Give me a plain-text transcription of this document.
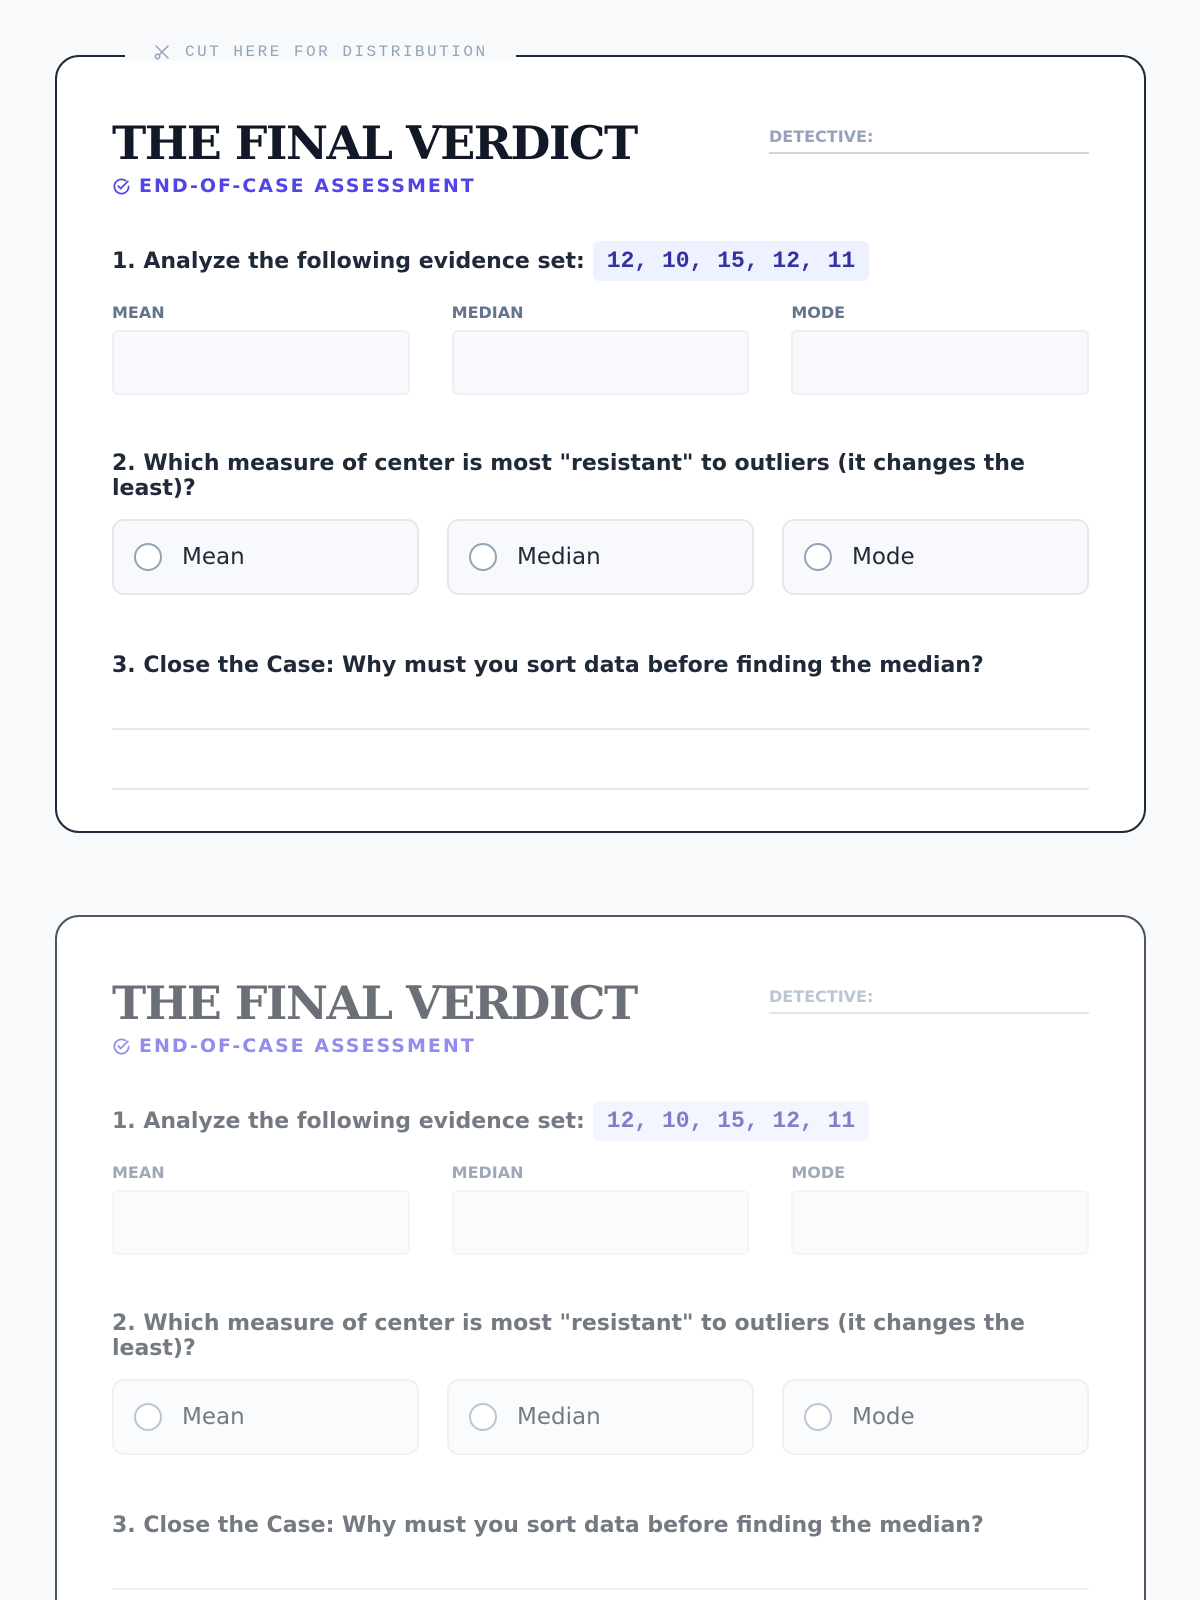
CUT HERE FOR DISTRIBUTION
THE FINAL VERDICT
END-OF-CASE ASSESSMENT
DETECTIVE:
1. Analyze the following evidence set: 12, 10, 15, 12, 11
MEAN	MEDIAN	MODE
2. Which measure of center is most "resistant" to outliers (it changes the least)?
Mean	Median	Mode
3. Close the Case: Why must you sort data before finding the median?
THE FINAL VERDICT
END-OF-CASE ASSESSMENT
DETECTIVE:
1. Analyze the following evidence set: 12, 10, 15, 12, 11
MEAN	MEDIAN	MODE
2. Which measure of center is most "resistant" to outliers (it changes the least)?
Mean	Median	Mode
3. Close the Case: Why must you sort data before finding the median?
